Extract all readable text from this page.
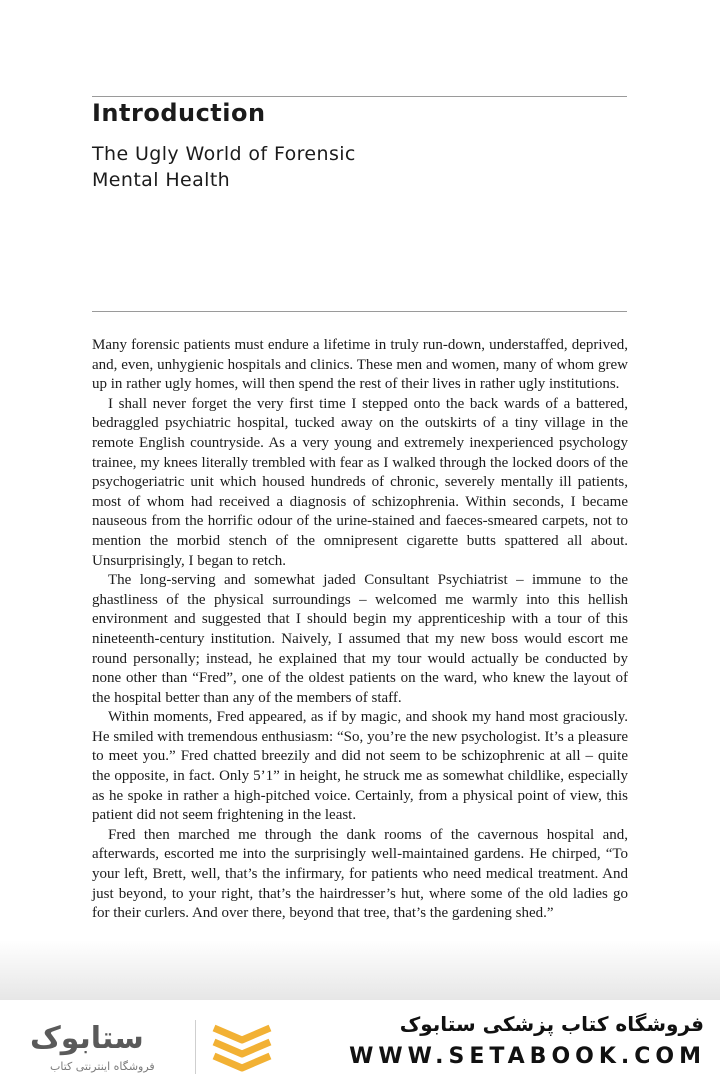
Introduction
The Ugly World of Forensic
Mental Health

Many forensic patients must endure a lifetime in truly run-down, understaffed, deprived, and, even, unhygienic hospitals and clinics. These men and women, many of whom grew up in rather ugly homes, will then spend the rest of their lives in rather ugly institutions.

I shall never forget the very first time I stepped onto the back wards of a battered, bedraggled psychiatric hospital, tucked away on the outskirts of a tiny village in the remote English countryside. As a very young and extremely inexperienced psychology trainee, my knees literally trembled with fear as I walked through the locked doors of the psychogeriatric unit which housed hundreds of chronic, severely mentally ill patients, most of whom had received a diagnosis of schizophrenia. Within seconds, I became nauseous from the horrific odour of the urine-stained and faeces-smeared carpets, not to mention the morbid stench of the omnipresent cigarette butts spattered all about. Unsurprisingly, I began to retch.

The long-serving and somewhat jaded Consultant Psychiatrist – immune to the ghastliness of the physical surroundings – welcomed me warmly into this hellish environment and suggested that I should begin my apprenticeship with a tour of this nineteenth-century institution. Naively, I assumed that my new boss would escort me round personally; instead, he explained that my tour would actually be conducted by none other than “Fred”, one of the oldest patients on the ward, who knew the layout of the hospital better than any of the members of staff.

Within moments, Fred appeared, as if by magic, and shook my hand most graciously. He smiled with tremendous enthusiasm: “So, you’re the new psychologist. It’s a pleasure to meet you.” Fred chatted breezily and did not seem to be schizophrenic at all – quite the opposite, in fact. Only 5’1” in height, he struck me as somewhat childlike, especially as he spoke in rather a high-pitched voice. Certainly, from a physical point of view, this patient did not seem frightening in the least.

Fred then marched me through the dank rooms of the cavernous hospital and, afterwards, escorted me into the surprisingly well-maintained gardens. He chirped, “To your left, Brett, well, that’s the infirmary, for patients who need medical treatment. And just beyond, to your right, that’s the hairdresser’s hut, where some of the old ladies go for their curlers. And over there, beyond that tree, that’s the gardening shed.”

ستابوک
فروشگاه اینترنتی کتاب
فروشگاه کتاب پزشکی ستابوک
WWW.SETABOOK.COM
